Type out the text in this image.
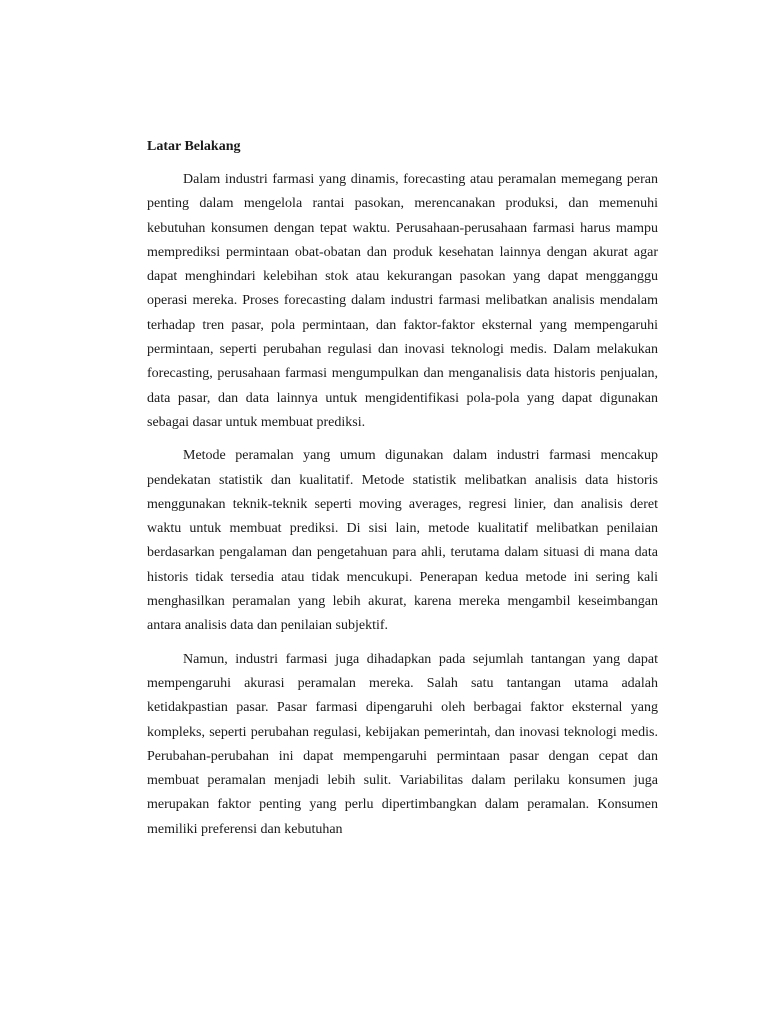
Latar Belakang

Dalam industri farmasi yang dinamis, forecasting atau peramalan memegang peran penting dalam mengelola rantai pasokan, merencanakan produksi, dan memenuhi kebutuhan konsumen dengan tepat waktu. Perusahaan-perusahaan farmasi harus mampu memprediksi permintaan obat-obatan dan produk kesehatan lainnya dengan akurat agar dapat menghindari kelebihan stok atau kekurangan pasokan yang dapat mengganggu operasi mereka. Proses forecasting dalam industri farmasi melibatkan analisis mendalam terhadap tren pasar, pola permintaan, dan faktor-faktor eksternal yang mempengaruhi permintaan, seperti perubahan regulasi dan inovasi teknologi medis. Dalam melakukan forecasting, perusahaan farmasi mengumpulkan dan menganalisis data historis penjualan, data pasar, dan data lainnya untuk mengidentifikasi pola-pola yang dapat digunakan sebagai dasar untuk membuat prediksi.

Metode peramalan yang umum digunakan dalam industri farmasi mencakup pendekatan statistik dan kualitatif. Metode statistik melibatkan analisis data historis menggunakan teknik-teknik seperti moving averages, regresi linier, dan analisis deret waktu untuk membuat prediksi. Di sisi lain, metode kualitatif melibatkan penilaian berdasarkan pengalaman dan pengetahuan para ahli, terutama dalam situasi di mana data historis tidak tersedia atau tidak mencukupi. Penerapan kedua metode ini sering kali menghasilkan peramalan yang lebih akurat, karena mereka mengambil keseimbangan antara analisis data dan penilaian subjektif.

Namun, industri farmasi juga dihadapkan pada sejumlah tantangan yang dapat mempengaruhi akurasi peramalan mereka. Salah satu tantangan utama adalah ketidakpastian pasar. Pasar farmasi dipengaruhi oleh berbagai faktor eksternal yang kompleks, seperti perubahan regulasi, kebijakan pemerintah, dan inovasi teknologi medis. Perubahan-perubahan ini dapat mempengaruhi permintaan pasar dengan cepat dan membuat peramalan menjadi lebih sulit. Variabilitas dalam perilaku konsumen juga merupakan faktor penting yang perlu dipertimbangkan dalam peramalan. Konsumen memiliki preferensi dan kebutuhan
